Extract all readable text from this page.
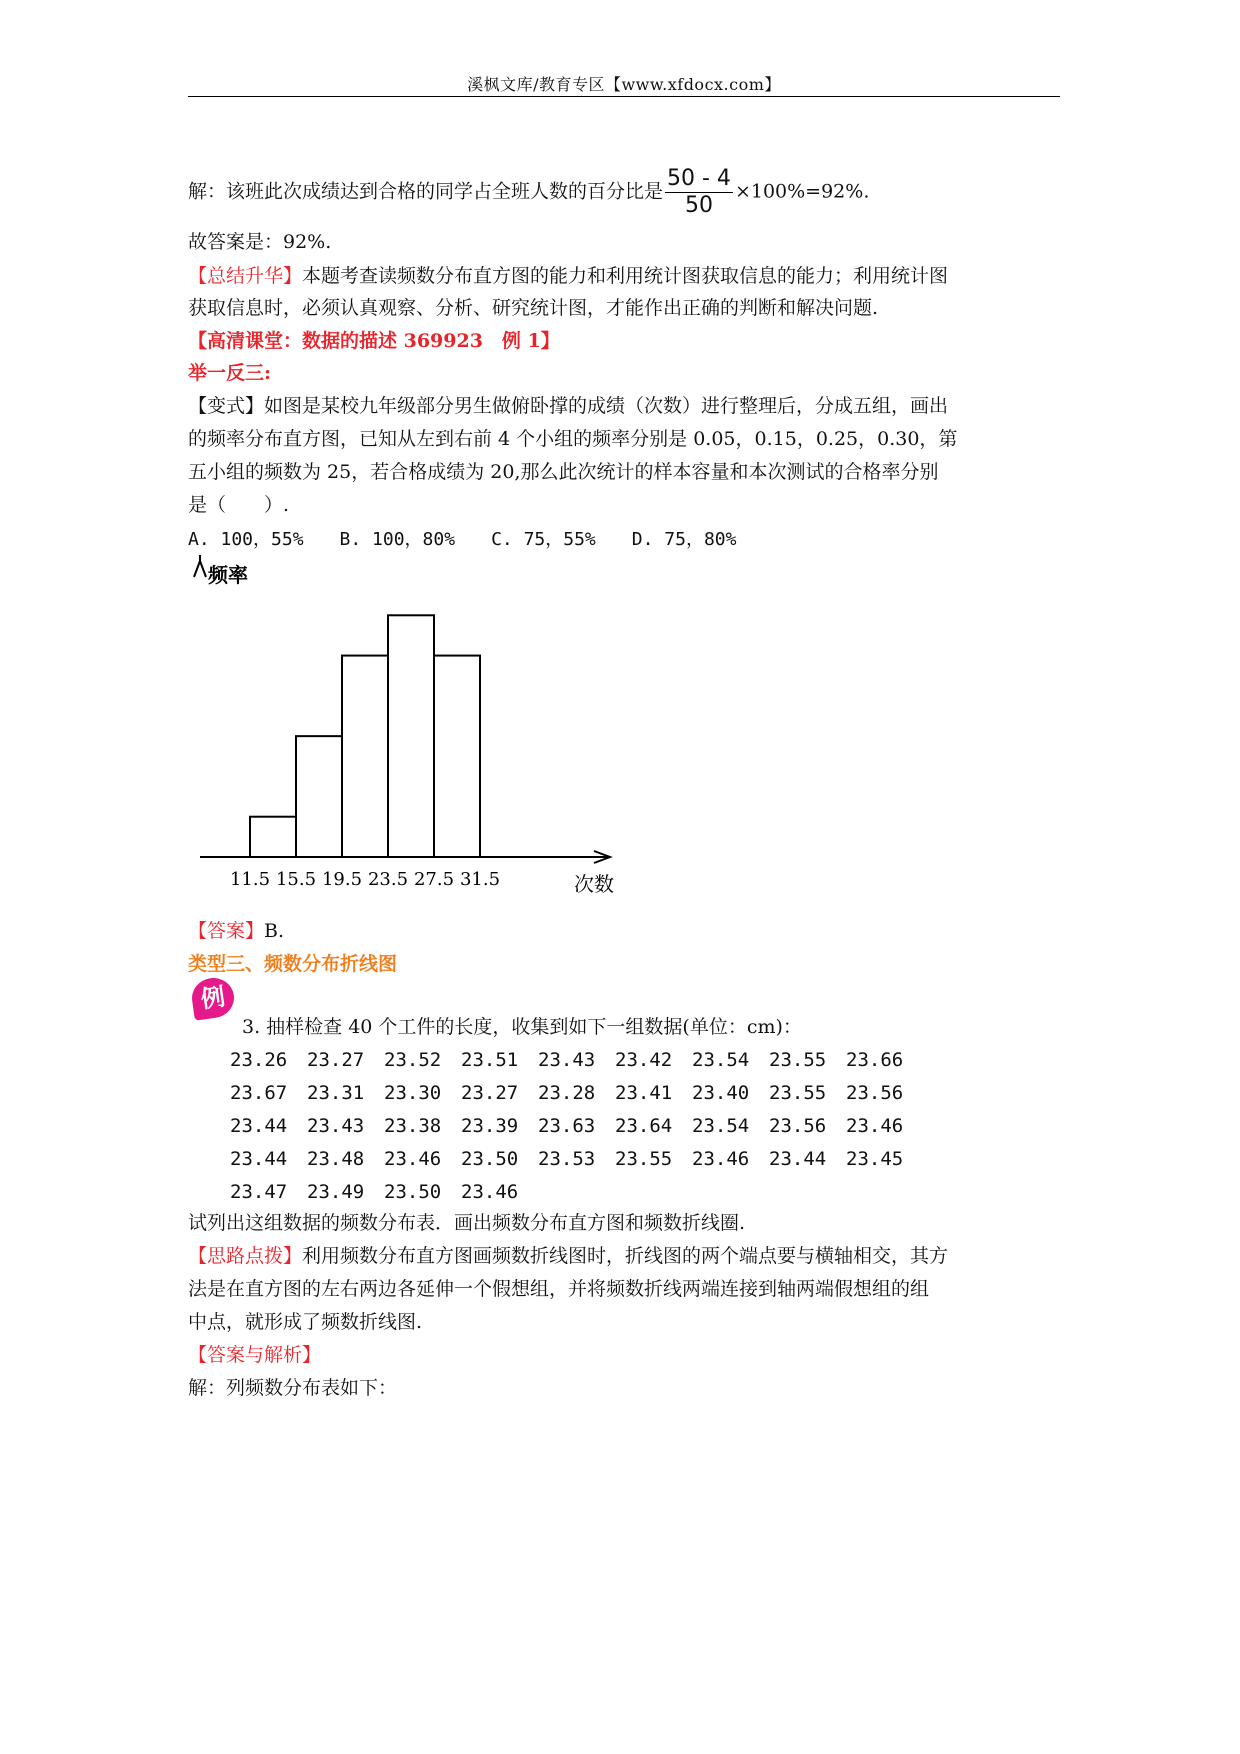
溪枫文库/教育专区【www.xfdocx.com】
解：该班此次成绩达到合格的同学占全班人数的百分比是 $\frac{50 - 4}{50} \times 100\%=92\%$.
故答案是：92%.
【总结升华】本题考查读频数分布直方图的能力和利用统计图获取信息的能力；利用统计图
获取信息时，必须认真观察、分析、研究统计图，才能作出正确的判断和解决问题.
【高清课堂：数据的描述 369923　例 1】
举一反三:
【变式】如图是某校九年级部分男生做俯卧撑的成绩（次数）进行整理后，分成五组，画出
的频率分布直方图，已知从左到右前 4 个小组的频率分别是 0.05，0.15，0.25，0.30，第
五小组的频数为 25，若合格成绩为 20,那么此次统计的样本容量和本次测试的合格率分别
是（　　）.
A. 100，55%　　B. 100，80%　　C. 75，55%　　D. 75，80%
频率
次数
11.5 15.5 19.5 23.5 27.5 31.5
【答案】B.
类型三、频数分布折线图
例
3. 抽样检查 40 个工件的长度，收集到如下一组数据(单位：cm)：
23.26	23.27	23.52	23.51	23.43	23.42	23.54	23.55	23.66
23.67	23.31	23.30	23.27	23.28	23.41	23.40	23.55	23.56
23.44	23.43	23.38	23.39	23.63	23.64	23.54	23.56	23.46
23.44	23.48	23.46	23.50	23.53	23.55	23.46	23.44	23.45
23.47	23.49	23.50	23.46					
试列出这组数据的频数分布表．画出频数分布直方图和频数折线圈.
【思路点拨】利用频数分布直方图画频数折线图时，折线图的两个端点要与横轴相交，其方
法是在直方图的左右两边各延伸一个假想组，并将频数折线两端连接到轴两端假想组的组
中点，就形成了频数折线图.
【答案与解析】
解：列频数分布表如下：
